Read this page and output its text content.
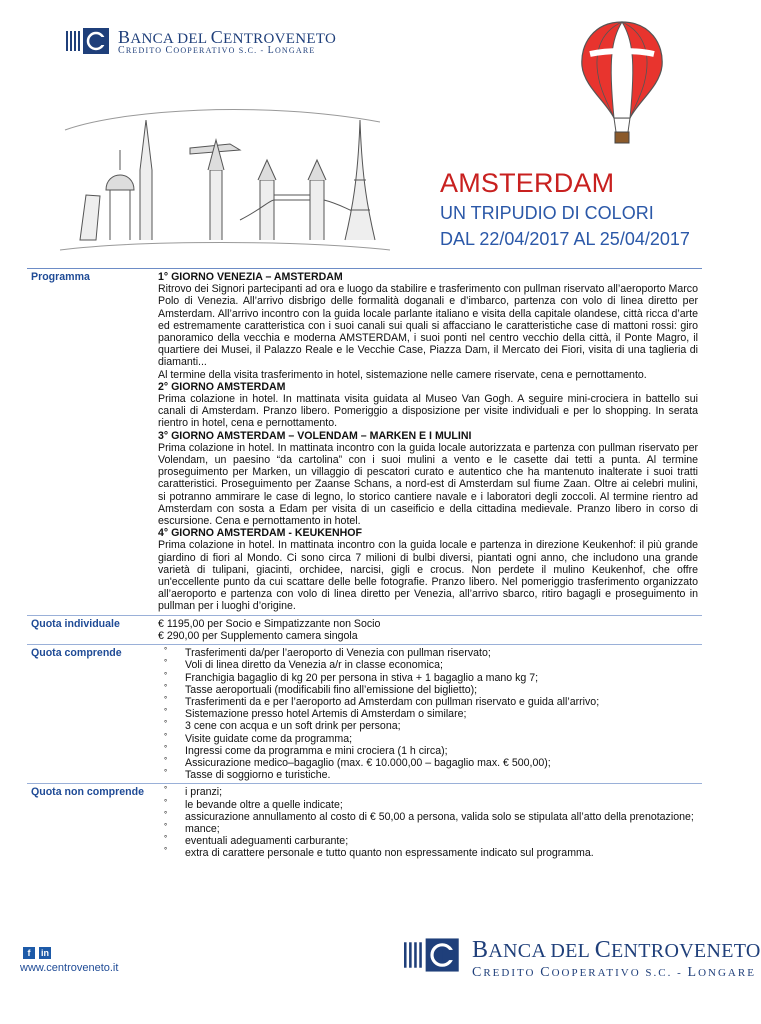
BANCA DEL CENTROVENETO
CREDITO COOPERATIVO S.C. - LONGARE
AMSTERDAM
UN TRIPUDIO DI COLORI
DAL 22/04/2017 AL 25/04/2017
Programma	1° GIORNO VENEZIA – AMSTERDAM

Ritrovo dei Signori partecipanti ad ora e luogo da stabilire e trasferimento con pullman riservato all’aeroporto Marco Polo di Venezia. All’arrivo disbrigo delle formalità doganali e d’imbarco, partenza con volo di linea diretto per Amsterdam. All’arrivo incontro con la guida locale parlante italiano e visita della capitale olandese, città ricca d’arte ed estremamente caratteristica con i suoi canali sui quali si affacciano le caratteristiche case di mattoni rossi: giro panoramico della vecchia e moderna AMSTERDAM, i suoi ponti nel centro vecchio della città, il Ponte Magro, il quartiere dei Musei, il Palazzo Reale e le Vecchie Case, Piazza Dam, il Mercato dei Fiori, visita di una taglieria di diamanti...

Al termine della visita trasferimento in hotel, sistemazione nelle camere riservate, cena e pernottamento.

2° GIORNO AMSTERDAM

Prima colazione in hotel. In mattinata visita guidata al Museo Van Gogh. A seguire mini-crociera in battello sui canali di Amsterdam. Pranzo libero. Pomeriggio a disposizione per visite individuali e per lo shopping. In serata rientro in hotel, cena e pernottamento.

3° GIORNO AMSTERDAM – VOLENDAM – MARKEN E I MULINI

Prima colazione in hotel. In mattinata incontro con la guida locale autorizzata e partenza con pullman riservato per Volendam, un paesino “da cartolina” con i suoi mulini a vento e le casette dai tetti a punta. Al termine proseguimento per Marken, un villaggio di pescatori curato e autentico che ha mantenuto inalterate i suoi tratti caratteristici. Proseguimento per Zaanse Schans, a nord-est di Amsterdam sul fiume Zaan. Oltre ai celebri mulini, si potranno ammirare le case di legno, lo storico cantiere navale e i laboratori degli zoccoli. Al termine rientro ad Amsterdam con sosta a Edam per visita di un caseificio e della cittadina medievale. Pranzo libero in corso di escursione. Cena e pernottamento in hotel.

4° GIORNO AMSTERDAM - KEUKENHOF

Prima colazione in hotel. In mattinata incontro con la guida locale e partenza in direzione Keukenhof: il più grande giardino di fiori al Mondo. Ci sono circa 7 milioni di bulbi diversi, piantati ogni anno, che includono una grande varietà di tulipani, giacinti, orchidee, narcisi, gigli e crocus. Non perdete il mulino Keukenhof, che offre un'eccellente punto da cui scattare delle belle fotografie. Pranzo libero. Nel pomeriggio trasferimento organizzato all’aeroporto e partenza con volo di linea diretto per Venezia, all’arrivo sbarco, ritiro bagagli e proseguimento in pullman per i luoghi d’origine.

Quota individuale	€ 1195,00 per Socio e Simpatizzante non Socio
€ 290,00 per Supplemento camera singola
Quota comprende	° Trasferimenti da/per l’aeroporto di Venezia con pullman riservato;
° Voli di linea diretto da Venezia a/r in classe economica;
° Franchigia bagaglio di kg 20 per persona in stiva + 1 bagaglio a mano kg 7;
° Tasse aeroportuali (modificabili fino all’emissione del biglietto);
° Trasferimenti da e per l’aeroporto ad Amsterdam con pullman riservato e guida all’arrivo;
° Sistemazione presso hotel Artemis di Amsterdam o similare;
° 3 cene con acqua e un soft drink per persona;
° Visite guidate come da programma;
° Ingressi come da programma e mini crociera (1 h circa);
° Assicurazione medico–bagaglio (max. € 10.000,00 – bagaglio max. € 500,00);
° Tasse di soggiorno e turistiche.
Quota non comprende	° i pranzi;
° le bevande oltre a quelle indicate;
° assicurazione annullamento al costo di € 50,00 a persona, valida solo se stipulata all’atto della prenotazione;
° mance;
° eventuali adeguamenti carburante;
° extra di carattere personale e tutto quanto non espressamente indicato sul programma.
f in
www.centroveneto.it
BANCA DEL CENTROVENETO
CREDITO COOPERATIVO S.C. - LONGARE
